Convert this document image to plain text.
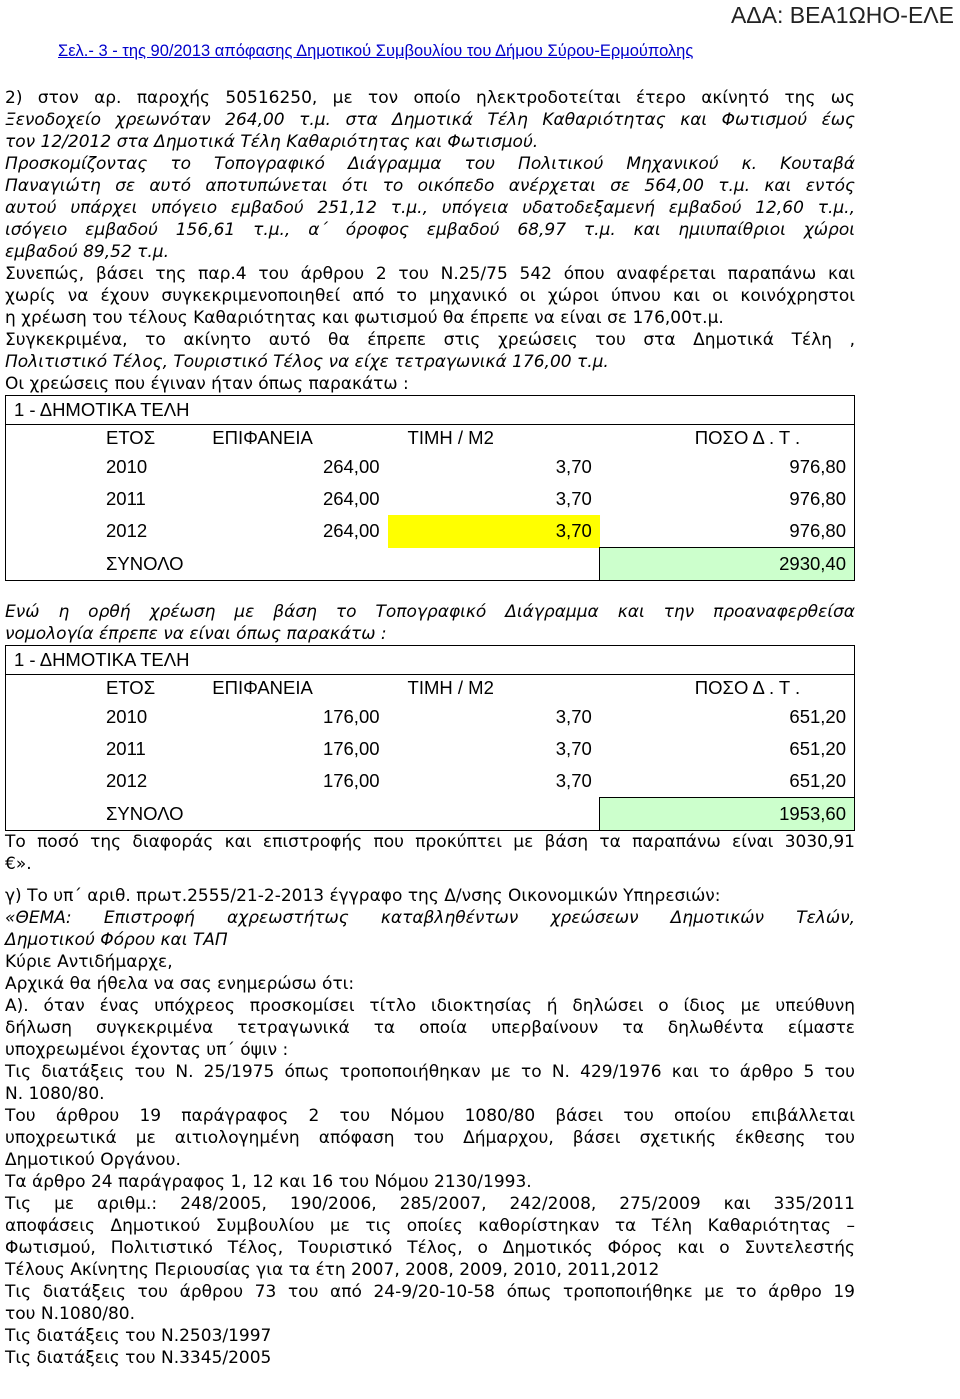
ΑΔΑ: ΒΕΑ1ΩΗΟ-ΕΛΕ
Σελ.- 3 - της 90/2013 απόφασης Δημοτικού Συμβουλίου του Δήμου Σύρου-Ερμούπολης

2) στον αρ. παροχής 50516250, με τον οποίο ηλεκτροδοτείται έτερο ακίνητό της ως

Ξενοδοχείο χρεωνόταν 264,00 τ.μ. στα Δημοτικά Τέλη Καθαριότητας και Φωτισμού έως

τον 12/2012 στα Δημοτικά Τέλη Καθαριότητας και Φωτισμού.

Προσκομίζοντας το Τοπογραφικό Διάγραμμα του Πολιτικού Μηχανικού κ. Κουταβά

Παναγιώτη σε αυτό αποτυπώνεται ότι το οικόπεδο ανέρχεται σε 564,00 τ.μ. και εντός

αυτού υπάρχει υπόγειο εμβαδού 251,12 τ.μ., υπόγεια υδατοδεξαμενή εμβαδού 12,60 τ.μ.,

ισόγειο εμβαδού 156,61 τ.μ., α΄ όροφος εμβαδού 68,97 τ.μ. και ημιυπαίθριοι χώροι

εμβαδού 89,52 τ.μ.

Συνεπώς, βάσει της παρ.4 του άρθρου 2 του Ν.25/75 542 όπου αναφέρεται παραπάνω και

χωρίς να έχουν συγκεκριμενοποιηθεί από το μηχανικό οι χώροι ύπνου και οι κοινόχρηστοι

η χρέωση του τέλους Καθαριότητας και φωτισμού θα έπρεπε να είναι σε 176,00τ.μ.

Συγκεκριμένα, το ακίνητο αυτό θα έπρεπε στις χρεώσεις του στα Δημοτικά Τέλη ,

Πολιτιστικό Τέλος, Τουριστικό Τέλος να είχε τετραγωνικά 176,00 τ.μ.

Οι χρεώσεις που έγιναν ήταν όπως παρακάτω :

1 - ΔΗΜΟΤΙΚΑ ΤΕΛΗ			
ΕΤΟΣ	ΕΠΙΦΑΝΕΙΑ	ΤΙΜΗ / Μ2	ΠΟΣΟ Δ . Τ .
2010	264,00	3,70	976,80
2011	264,00	3,70	976,80
2012	264,00	3,70	976,80
ΣΥΝΟΛΟ			2930,40

Ενώ η ορθή χρέωση με βάση το Τοπογραφικό Διάγραμμα και την προαναφερθείσα

νομολογία έπρεπε να είναι όπως παρακάτω :

1 - ΔΗΜΟΤΙΚΑ ΤΕΛΗ			
ΕΤΟΣ	ΕΠΙΦΑΝΕΙΑ	ΤΙΜΗ / Μ2	ΠΟΣΟ Δ . Τ .
2010	176,00	3,70	651,20
2011	176,00	3,70	651,20
2012	176,00	3,70	651,20
ΣΥΝΟΛΟ			1953,60

Το ποσό της διαφοράς και επιστροφής που προκύπτει με βάση τα παραπάνω είναι 3030,91

€».

γ) Το υπ΄ αριθ. πρωτ.2555/21-2-2013 έγγραφο της Δ/νσης Οικονομικών Υπηρεσιών:

«ΘΕΜΑ: Επιστροφή αχρεωστήτως καταβληθέντων χρεώσεων Δημοτικών Τελών,

Δημοτικού Φόρου και ΤΑΠ

Κύριε Αντιδήμαρχε,

Αρχικά θα ήθελα να σας ενημερώσω ότι:

Α). όταν ένας υπόχρεος προσκομίσει τίτλο ιδιοκτησίας ή δηλώσει ο ίδιος με υπεύθυνη

δήλωση συγκεκριμένα τετραγωνικά τα οποία υπερβαίνουν τα δηλωθέντα είμαστε

υποχρεωμένοι έχοντας υπ΄ όψιν :

Τις διατάξεις του Ν. 25/1975 όπως τροποποιήθηκαν με το Ν. 429/1976 και το άρθρο 5 του

Ν. 1080/80.

Του άρθρου 19 παράγραφος 2 του Νόμου 1080/80 βάσει του οποίου επιβάλλεται

υποχρεωτικά με αιτιολογημένη απόφαση του Δήμαρχου, βάσει σχετικής έκθεσης του

Δημοτικού Οργάνου.

Τα άρθρο 24 παράγραφος 1, 12 και 16 του Νόμου 2130/1993.

Τις με αριθμ.: 248/2005, 190/2006, 285/2007, 242/2008, 275/2009 και 335/2011

αποφάσεις Δημοτικού Συμβουλίου με τις οποίες καθορίστηκαν τα Τέλη Καθαριότητας –

Φωτισμού, Πολιτιστικό Τέλος, Τουριστικό Τέλος, ο Δημοτικός Φόρος και ο Συντελεστής

Τέλους Ακίνητης Περιουσίας για τα έτη 2007, 2008, 2009, 2010, 2011,2012

Τις διατάξεις του άρθρου 73 του από 24-9/20-10-58 όπως τροποποιήθηκε με το άρθρο 19

του Ν.1080/80.

Τις διατάξεις του Ν.2503/1997

Τις διατάξεις του Ν.3345/2005
